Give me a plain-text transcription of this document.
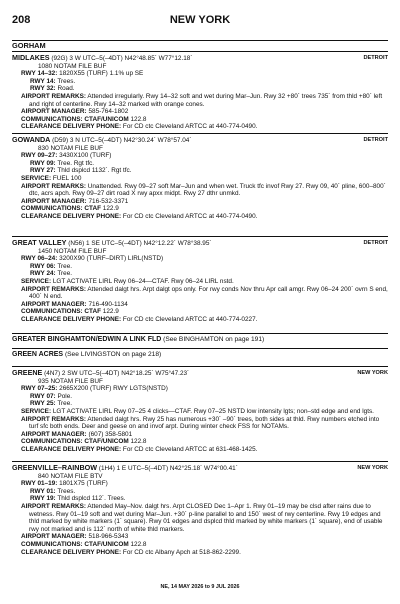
208	NEW YORK
GORHAM
MIDLAKES (92G) 3 W UTC–5(–4DT) N42°48.85´ W77°12.18´	DETROIT
1080 NOTAM FILE BUF
RWY 14–32: 1820X55 (TURF) 1.1% up SE
RWY 14: Trees.
RWY 32: Road.
AIRPORT REMARKS: Attended irregularly. Rwy 14–32 soft and wet during Mar–Jun. Rwy 32 +80´ trees 735´ from thld +80´ left and right of centerline. Rwy 14–32 marked with orange cones.
AIRPORT MANAGER: 585-764-1802
COMMUNICATIONS: CTAF/UNICOM 122.8
CLEARANCE DELIVERY PHONE: For CD ctc Cleveland ARTCC at 440-774-0490.
GOWANDA (D59) 3 N UTC–5(–4DT) N42°30.24´ W78°57.04´	DETROIT
830 NOTAM FILE BUF
RWY 09–27: 3430X100 (TURF)
RWY 09: Tree. Rgt tfc.
RWY 27: Thld dsplcd 1132´. Rgt tfc.
SERVICE: FUEL 100
AIRPORT REMARKS: Unattended. Rwy 09–27 soft Mar–Jun and when wet. Truck tfc invof Rwy 27. Rwy 09, 40´ pline, 600–800´ dtc, acrs apch. Rwy 09–27 dirt road X rwy apxx midpt. Rwy 27 dthr unmkd.
AIRPORT MANAGER: 716-532-3371
COMMUNICATIONS: CTAF 122.9
CLEARANCE DELIVERY PHONE: For CD ctc Cleveland ARTCC at 440-774-0490.
GREAT VALLEY (N56) 1 SE UTC–5(–4DT) N42°12.22´ W78°38.95´	DETROIT
1450 NOTAM FILE BUF
RWY 06–24: 3200X90 (TURF–DIRT) LIRL(NSTD)
RWY 06: Tree.
RWY 24: Tree.
SERVICE: LGT ACTIVATE LIRL Rwy 06–24—CTAF. Rwy 06–24 LIRL nstd.
AIRPORT REMARKS: Attended dalgt hrs. Arpt dalgt ops only. For rwy conds Nov thru Apr call amgr. Rwy 06–24 200´ ovrn S end, 400´ N end.
AIRPORT MANAGER: 716-490-1134
COMMUNICATIONS: CTAF 122.9
CLEARANCE DELIVERY PHONE: For CD ctc Cleveland ARTCC at 440-774-0227.
GREATER BINGHAMTON/EDWIN A LINK FLD (See BINGHAMTON on page 191)
GREEN ACRES (See LIVINGSTON on page 218)
GREENE (4N7) 2 SW UTC–5(–4DT) N42°18.25´ W75°47.23´	NEW YORK
935 NOTAM FILE BUF
RWY 07–25: 2665X200 (TURF) RWY LGTS(NSTD)
RWY 07: Pole.
RWY 25: Tree.
SERVICE: LGT ACTIVATE LIRL Rwy 07–25 4 clicks—CTAF. Rwy 07–25 NSTD low intensity lgts; non–std edge and end lgts.
AIRPORT REMARKS: Attended dalgt hrs. Rwy 25 has numerous +30´ –90´ trees, both sides at thld. Rwy numbers etched into turf sfc both ends. Deer and geese on and invof arpt. During winter check FSS for NOTAMs.
AIRPORT MANAGER: (607) 358-5801
COMMUNICATIONS: CTAF/UNICOM 122.8
CLEARANCE DELIVERY PHONE: For CD ctc Cleveland ARTCC at 631-468-1425.
GREENVILLE–RAINBOW (1H4) 1 E UTC–5(–4DT) N42°25.18´ W74°00.41´	NEW YORK
840 NOTAM FILE BTV
RWY 01–19: 1801X75 (TURF)
RWY 01: Trees.
RWY 19: Thld dsplcd 112´. Trees.
AIRPORT REMARKS: Attended May–Nov. dalgt hrs. Arpt CLOSED Dec 1–Apr 1. Rwy 01–19 may be clsd after rains due to wetness. Rwy 01–19 soft and wet during Mar–Jun. +30´ p-line parallel to and 150´ west of rwy centerline. Rwy 19 edges and thld marked by white markers (1´ square). Rwy 01 edges and dsplcd thld marked by white markers (1´ square), end of usable rwy not marked and is 112´ north of white thld markers.
AIRPORT MANAGER: 518-966-5343
COMMUNICATIONS: CTAF/UNICOM 122.8
CLEARANCE DELIVERY PHONE: For CD ctc Albany Apch at 518-862-2299.
NE, 14 MAY 2026 to 9 JUL 2026
